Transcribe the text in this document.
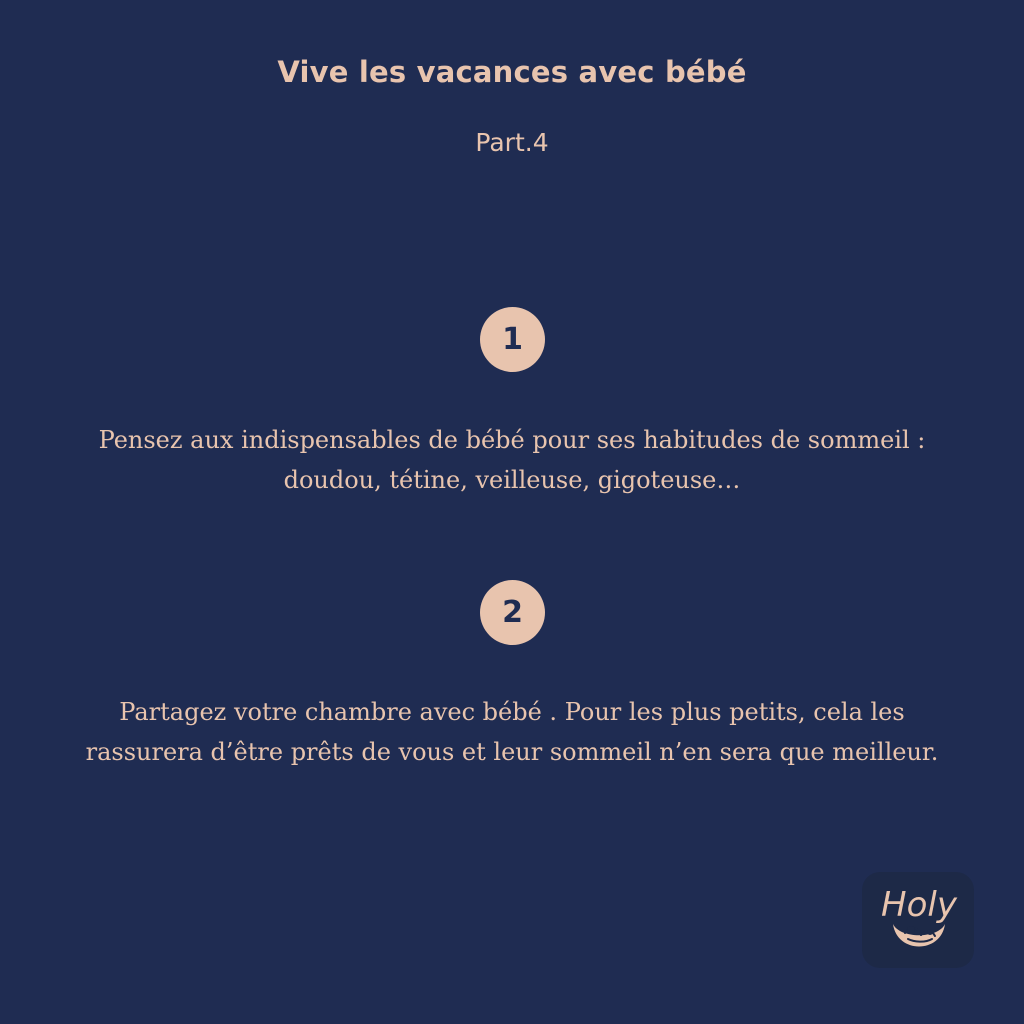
Vive les vacances avec bébé
Part.4
1

Pensez aux indispensables de bébé pour ses habitudes de sommeil : doudou, tétine, veilleuse, gigoteuse…

2

Partagez votre chambre avec bébé . Pour les plus petits, cela les rassurera d’être prêts de vous et leur sommeil n’en sera que meilleur.

Holy
